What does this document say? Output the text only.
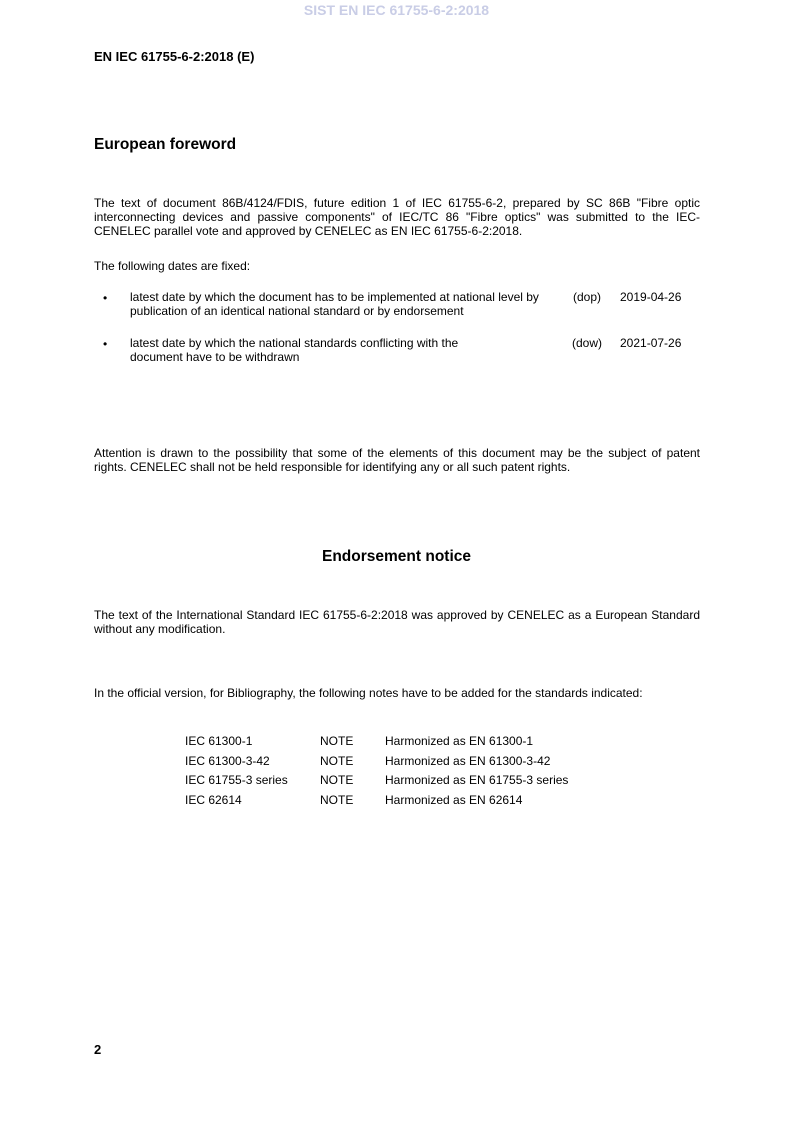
SIST EN IEC 61755-6-2:2018
EN IEC 61755-6-2:2018 (E)
European foreword
The text of document 86B/4124/FDIS, future edition 1 of IEC 61755-6-2, prepared by SC 86B "Fibre optic interconnecting devices and passive components" of IEC/TC 86 "Fibre optics" was submitted to the IEC-CENELEC parallel vote and approved by CENELEC as EN IEC 61755-6-2:2018.
The following dates are fixed:
• latest date by which the document has to be implemented at national level by publication of an identical national standard or by endorsement
(dop) 2019-04-26
• latest date by which the national standards conflicting with the document have to be withdrawn
(dow) 2021-07-26
Attention is drawn to the possibility that some of the elements of this document may be the subject of patent rights. CENELEC shall not be held responsible for identifying any or all such patent rights.
Endorsement notice
The text of the International Standard IEC 61755-6-2:2018 was approved by CENELEC as a European Standard without any modification.
In the official version, for Bibliography, the following notes have to be added for the standards indicated:
IEC 61300-1	NOTE	Harmonized as EN 61300-1
IEC 61300-3-42	NOTE	Harmonized as EN 61300-3-42
IEC 61755-3 series	NOTE	Harmonized as EN 61755-3 series
IEC 62614	NOTE	Harmonized as EN 62614
2
